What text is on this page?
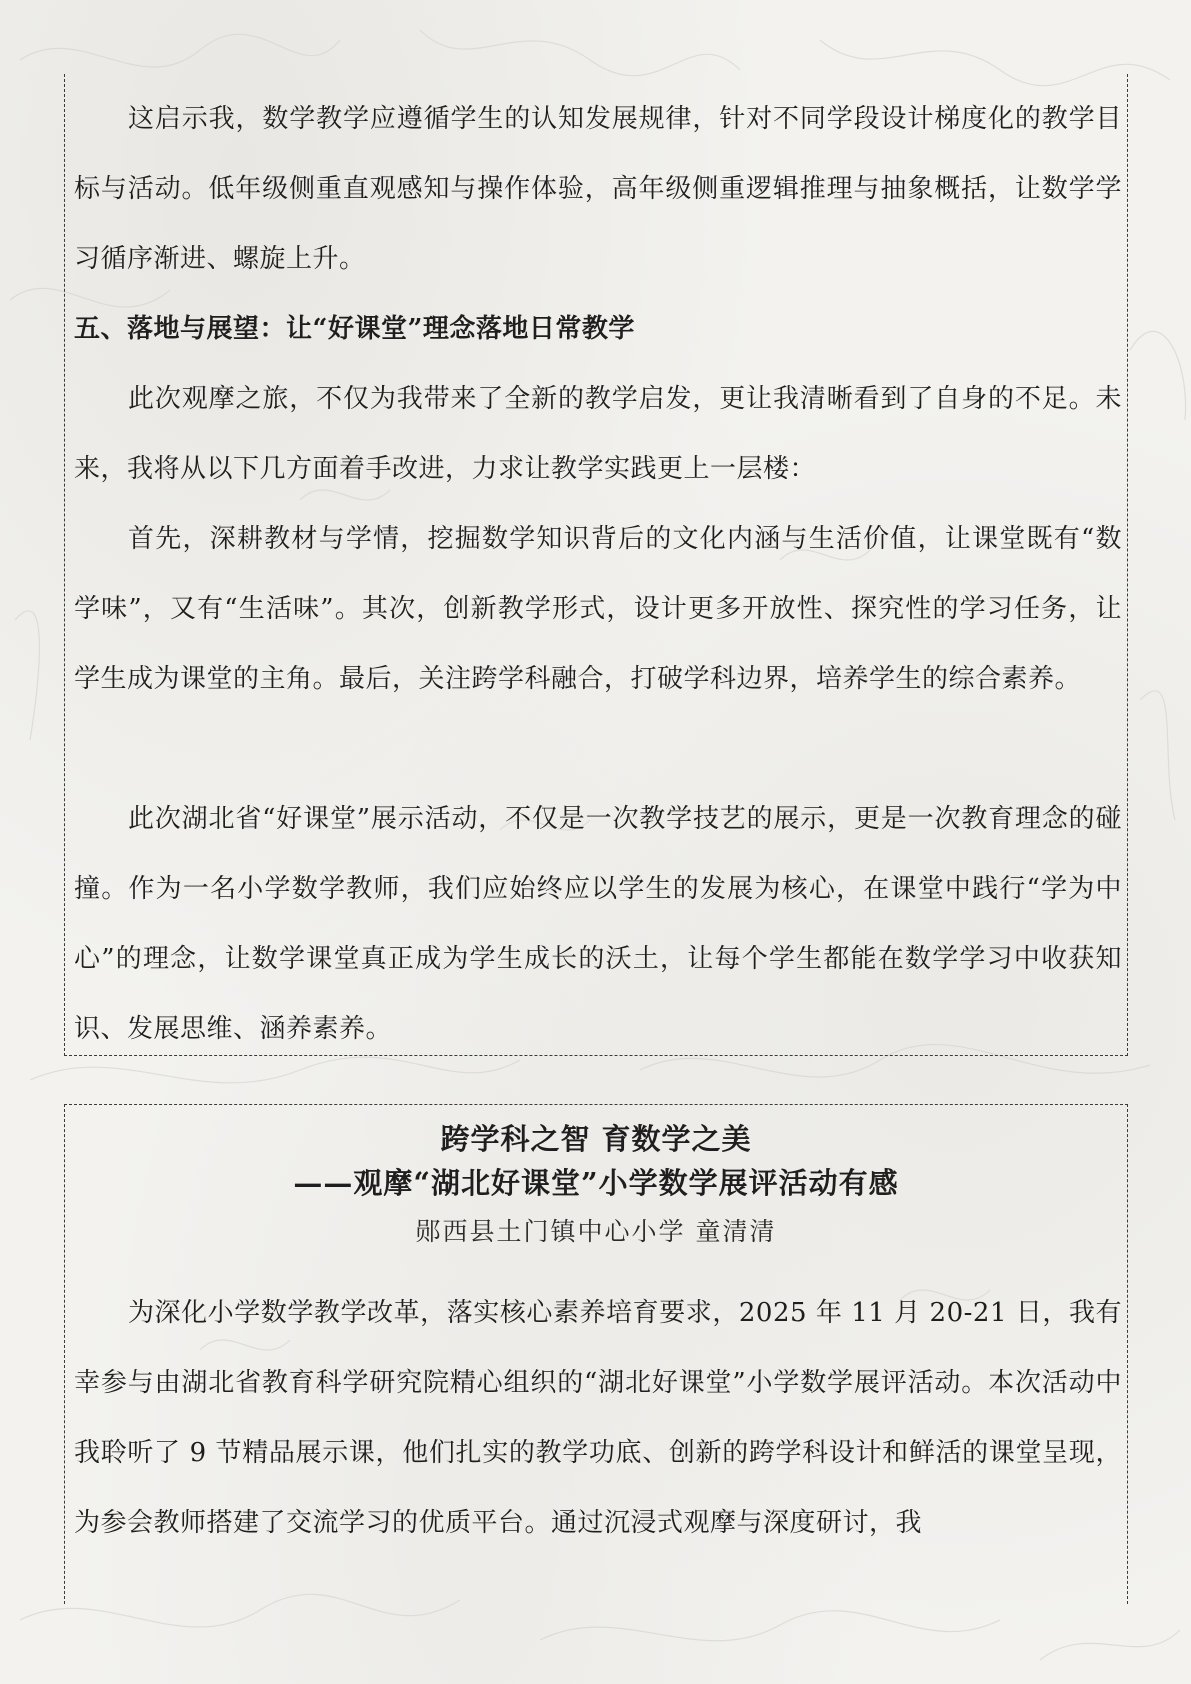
这启示我，数学教学应遵循学生的认知发展规律，针对不同学段设计梯度化的教学目标与活动。低年级侧重直观感知与操作体验，高年级侧重逻辑推理与抽象概括，让数学学习循序渐进、螺旋上升。

五、落地与展望：让“好课堂”理念落地日常教学

此次观摩之旅，不仅为我带来了全新的教学启发，更让我清晰看到了自身的不足。未来，我将从以下几方面着手改进，力求让教学实践更上一层楼：

首先，深耕教材与学情，挖掘数学知识背后的文化内涵与生活价值，让课堂既有“数学味”，又有“生活味”。其次，创新教学形式，设计更多开放性、探究性的学习任务，让学生成为课堂的主角。最后，关注跨学科融合，打破学科边界，培养学生的综合素养。

此次湖北省“好课堂”展示活动，不仅是一次教学技艺的展示，更是一次教育理念的碰撞。作为一名小学数学教师，我们应始终应以学生的发展为核心，在课堂中践行“学为中心”的理念，让数学课堂真正成为学生成长的沃土，让每个学生都能在数学学习中收获知识、发展思维、涵养素养。

跨学科之智 育数学之美

——观摩“湖北好课堂”小学数学展评活动有感

郧西县土门镇中心小学 童清清

为深化小学数学教学改革，落实核心素养培育要求，2025 年 11 月 20-21 日，我有幸参与由湖北省教育科学研究院精心组织的“湖北好课堂”小学数学展评活动。本次活动中我聆听了 9 节精品展示课，他们扎实的教学功底、创新的跨学科设计和鲜活的课堂呈现，为参会教师搭建了交流学习的优质平台。通过沉浸式观摩与深度研讨，我
